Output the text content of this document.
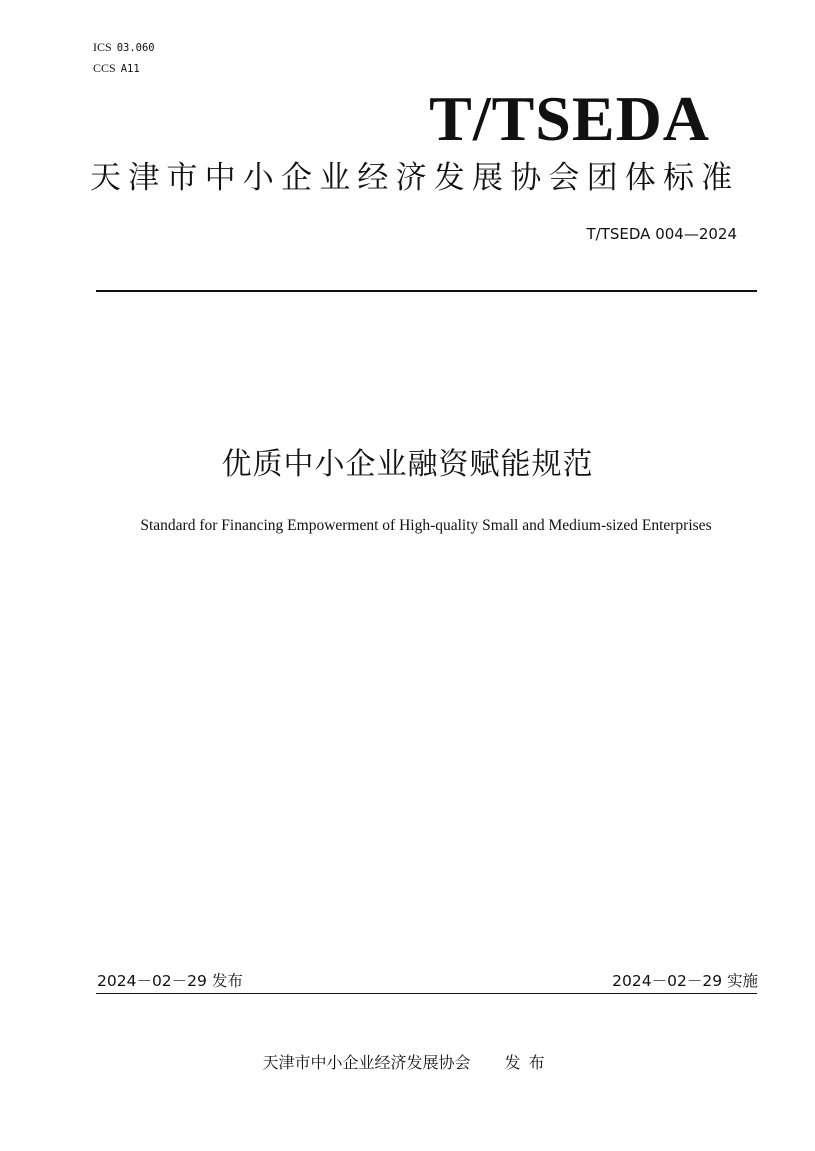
ICS 03.060
CCS A11
T/TSEDA
天津市中小企业经济发展协会团体标准
T/TSEDA 004—2024
优质中小企业融资赋能规范
Standard for Financing Empowerment of High-quality Small and Medium-sized Enterprises
2024－02－29 发布	2024－02－29 实施
天津市中小企业经济发展协会 发布
